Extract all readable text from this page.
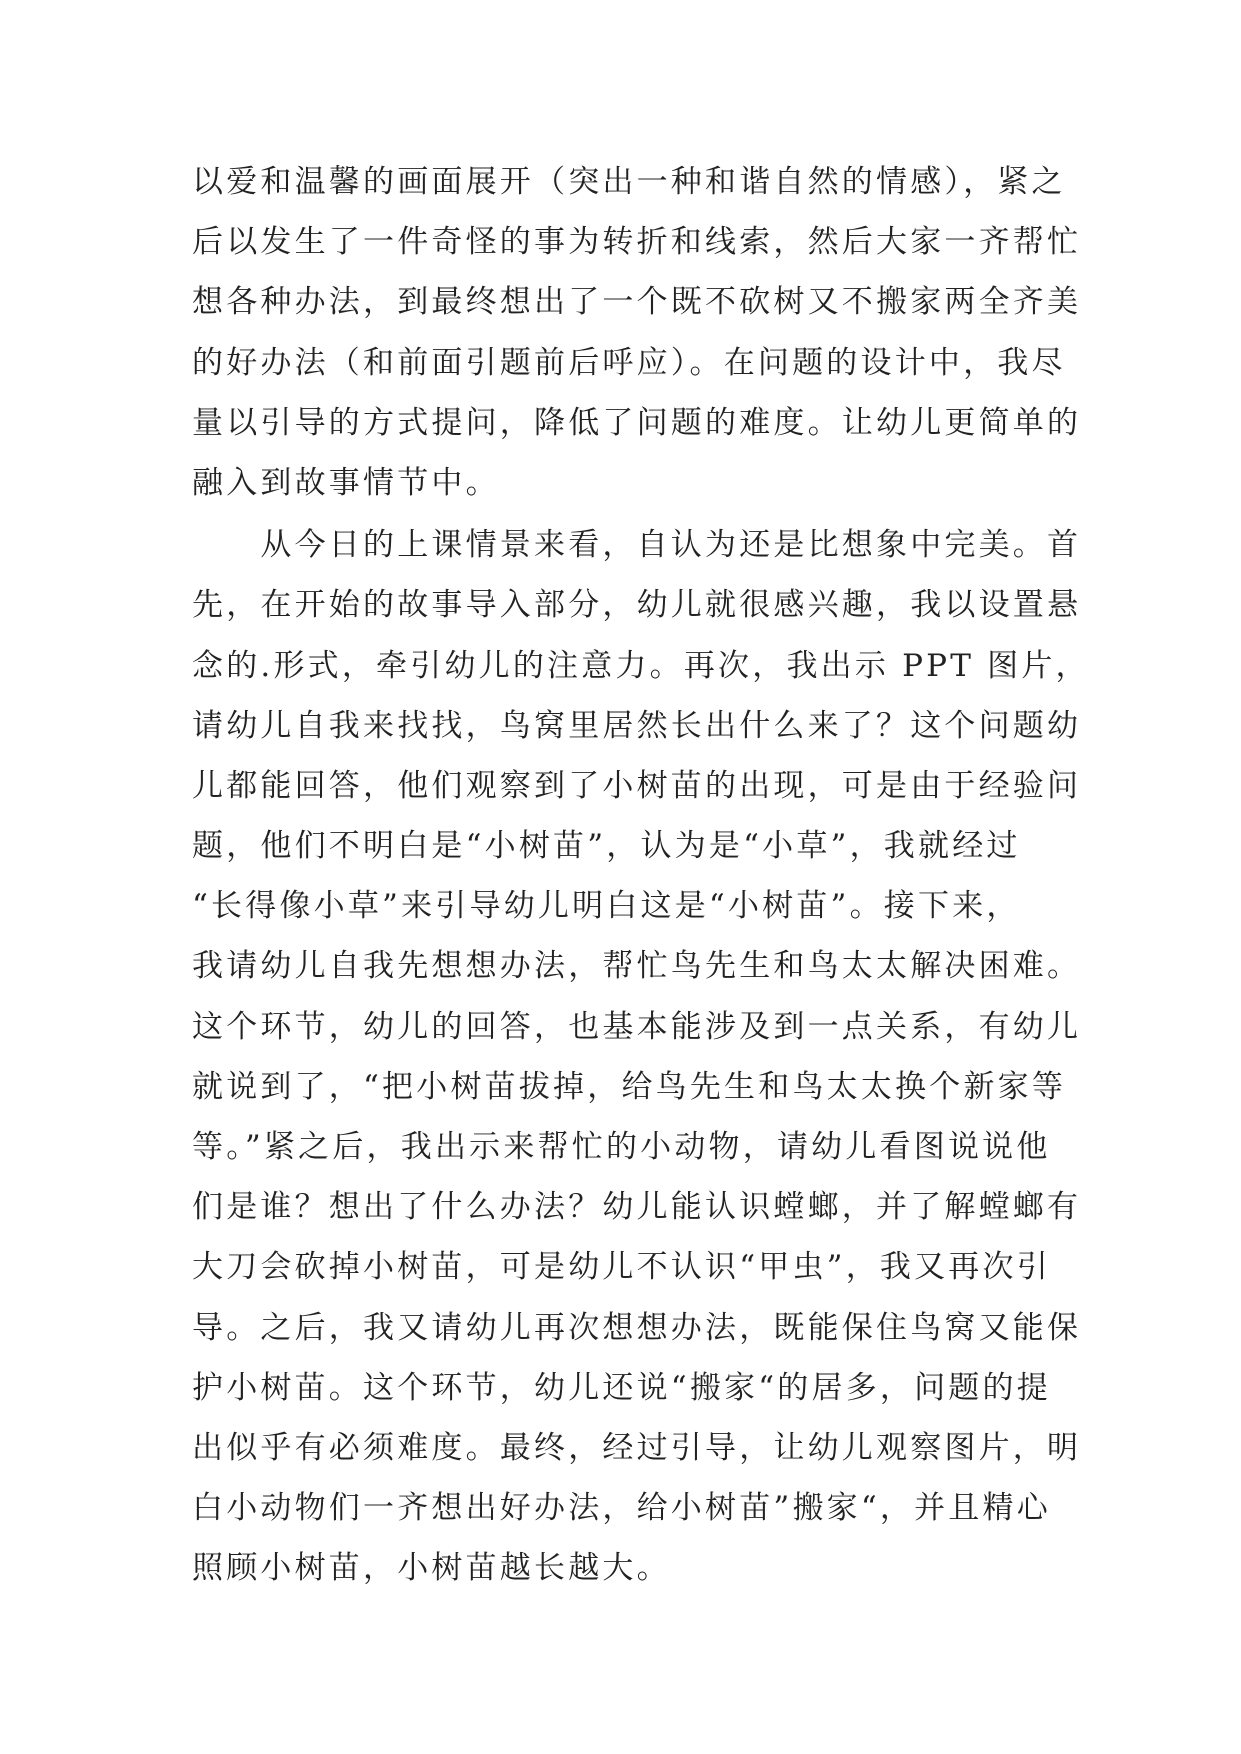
以爱和温馨的画面展开（突出一种和谐自然的情感），紧之
后以发生了一件奇怪的事为转折和线索，然后大家一齐帮忙
想各种办法，到最终想出了一个既不砍树又不搬家两全齐美
的好办法（和前面引题前后呼应）。在问题的设计中，我尽
量以引导的方式提问，降低了问题的难度。让幼儿更简单的
融入到故事情节中。
　　从今日的上课情景来看，自认为还是比想象中完美。首
先，在开始的故事导入部分，幼儿就很感兴趣，我以设置悬
念的.形式，牵引幼儿的注意力。再次，我出示 PPT 图片，
请幼儿自我来找找，鸟窝里居然长出什么来了？这个问题幼
儿都能回答，他们观察到了小树苗的出现，可是由于经验问
题，他们不明白是“小树苗”，认为是“小草”，我就经过
“长得像小草”来引导幼儿明白这是“小树苗”。接下来，
我请幼儿自我先想想办法，帮忙鸟先生和鸟太太解决困难。
这个环节，幼儿的回答，也基本能涉及到一点关系，有幼儿
就说到了，“把小树苗拔掉，给鸟先生和鸟太太换个新家等
等。”紧之后，我出示来帮忙的小动物，请幼儿看图说说他
们是谁？想出了什么办法？幼儿能认识螳螂，并了解螳螂有
大刀会砍掉小树苗，可是幼儿不认识“甲虫”，我又再次引
导。之后，我又请幼儿再次想想办法，既能保住鸟窝又能保
护小树苗。这个环节，幼儿还说“搬家“的居多，问题的提
出似乎有必须难度。最终，经过引导，让幼儿观察图片，明
白小动物们一齐想出好办法，给小树苗”搬家“，并且精心
照顾小树苗，小树苗越长越大。
